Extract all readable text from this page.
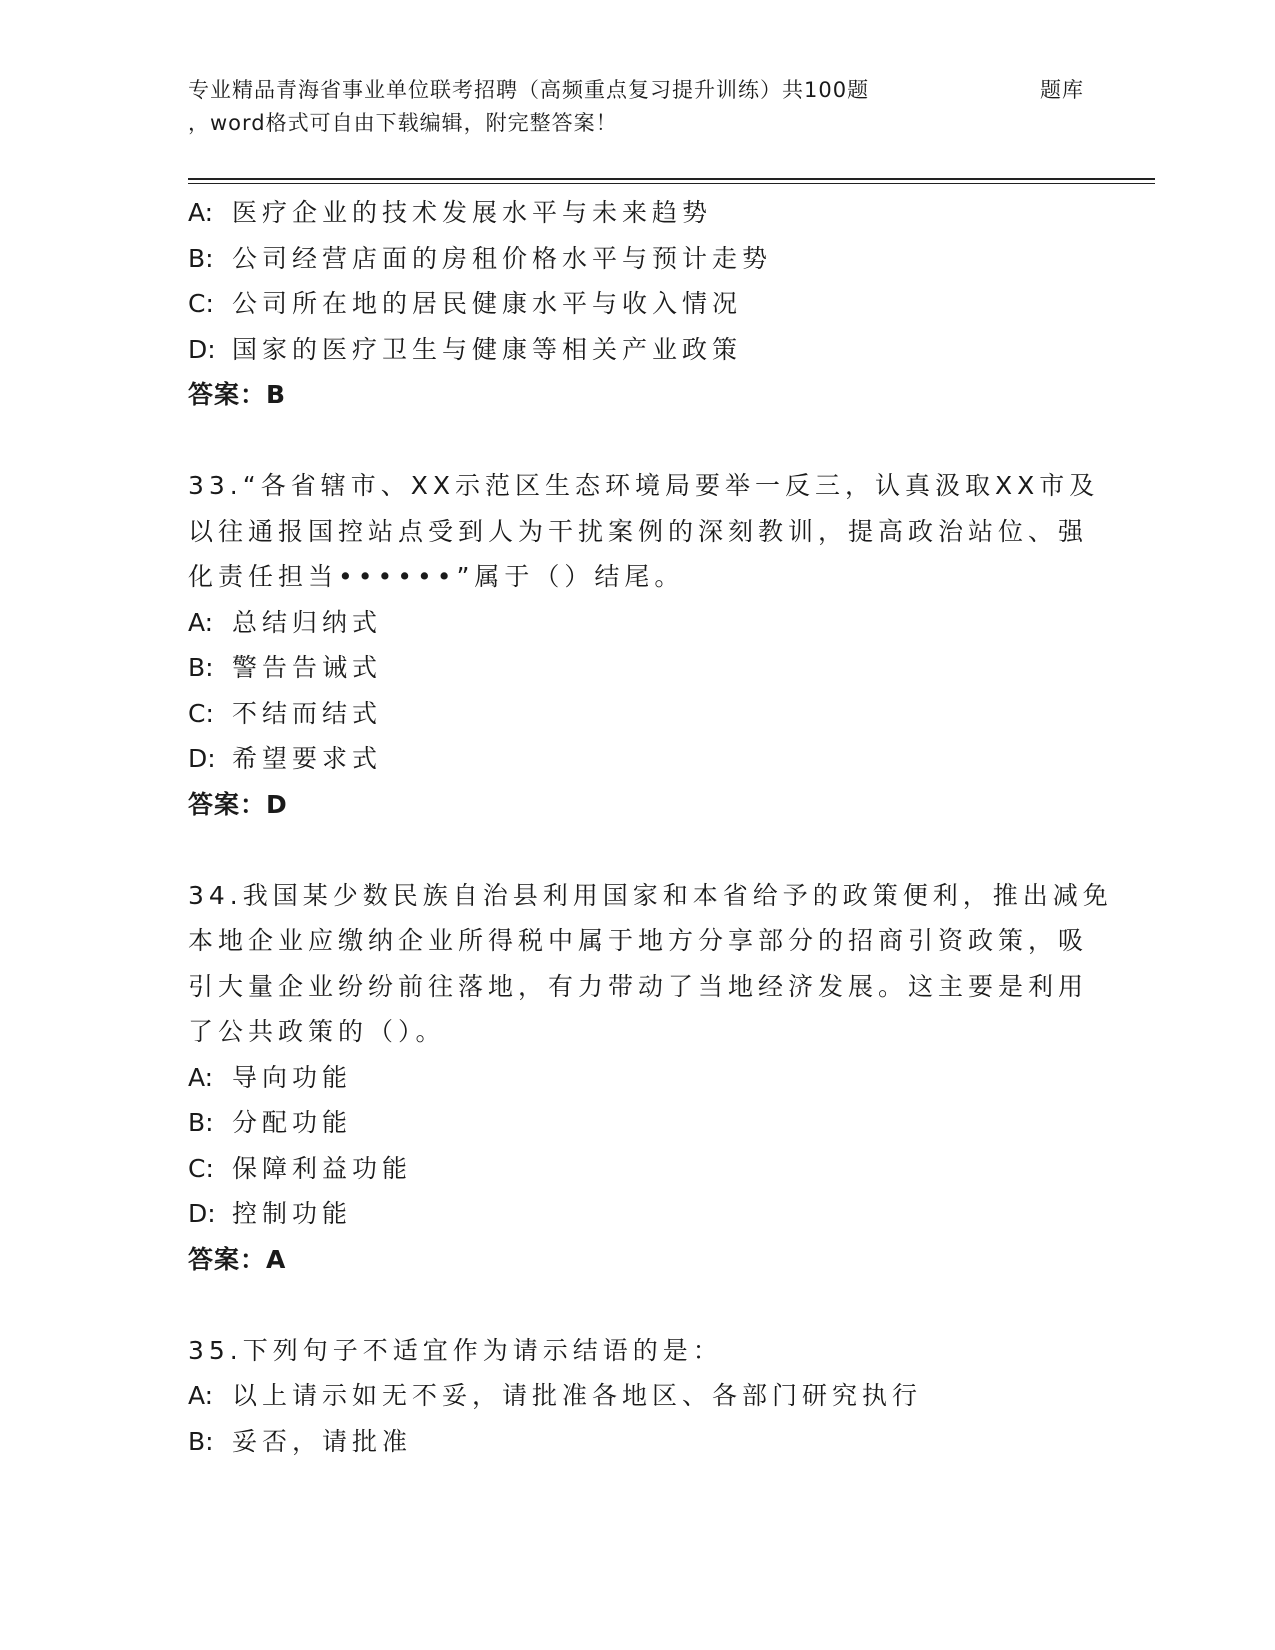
专业精品青海省事业单位联考招聘（高频重点复习提升训练）共100题	题库
，word格式可自由下载编辑，附完整答案！
A: 医疗企业的技术发展水平与未来趋势
B: 公司经营店面的房租价格水平与预计走势
C: 公司所在地的居民健康水平与收入情况
D: 国家的医疗卫生与健康等相关产业政策
答案：B
33.“各省辖市、XX示范区生态环境局要举一反三，认真汲取XX市及
以往通报国控站点受到人为干扰案例的深刻教训，提高政治站位、强
化责任担当••••••”属于（）结尾。
A: 总结归纳式
B: 警告告诫式
C: 不结而结式
D: 希望要求式
答案：D
34.我国某少数民族自治县利用国家和本省给予的政策便利，推出减免
本地企业应缴纳企业所得税中属于地方分享部分的招商引资政策，吸
引大量企业纷纷前往落地，有力带动了当地经济发展。这主要是利用
了公共政策的（）。
A: 导向功能
B: 分配功能
C: 保障利益功能
D: 控制功能
答案：A
35.下列句子不适宜作为请示结语的是：
A: 以上请示如无不妥，请批准各地区、各部门研究执行
B: 妥否，请批准
